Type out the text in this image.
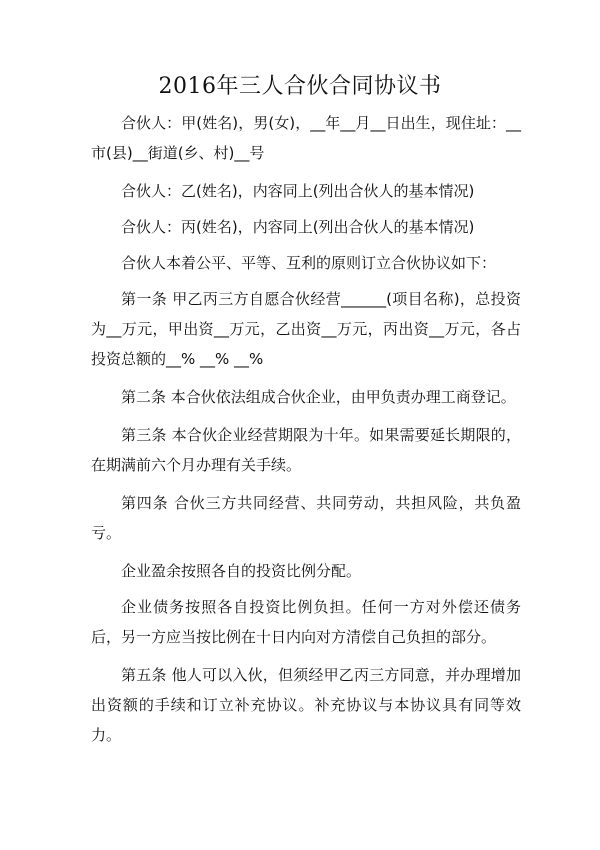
2016年三人合伙合同协议书

合伙人：甲(姓名)，男(女)，__年__月__日出生，现住址：__市(县)__街道(乡、村)__号

合伙人：乙(姓名)，内容同上(列出合伙人的基本情况)

合伙人：丙(姓名)，内容同上(列出合伙人的基本情况)

合伙人本着公平、平等、互利的原则订立合伙协议如下：

第一条 甲乙丙三方自愿合伙经营______(项目名称)，总投资为__万元，甲出资__万元，乙出资__万元，丙出资__万元，各占投资总额的__% __% __%

第二条 本合伙依法组成合伙企业，由甲负责办理工商登记。

第三条 本合伙企业经营期限为十年。如果需要延长期限的，在期满前六个月办理有关手续。

第四条 合伙三方共同经营、共同劳动，共担风险，共负盈亏。

企业盈余按照各自的投资比例分配。

企业债务按照各自投资比例负担。任何一方对外偿还债务后，另一方应当按比例在十日内向对方清偿自己负担的部分。

第五条 他人可以入伙，但须经甲乙丙三方同意，并办理增加出资额的手续和订立补充协议。补充协议与本协议具有同等效力。
